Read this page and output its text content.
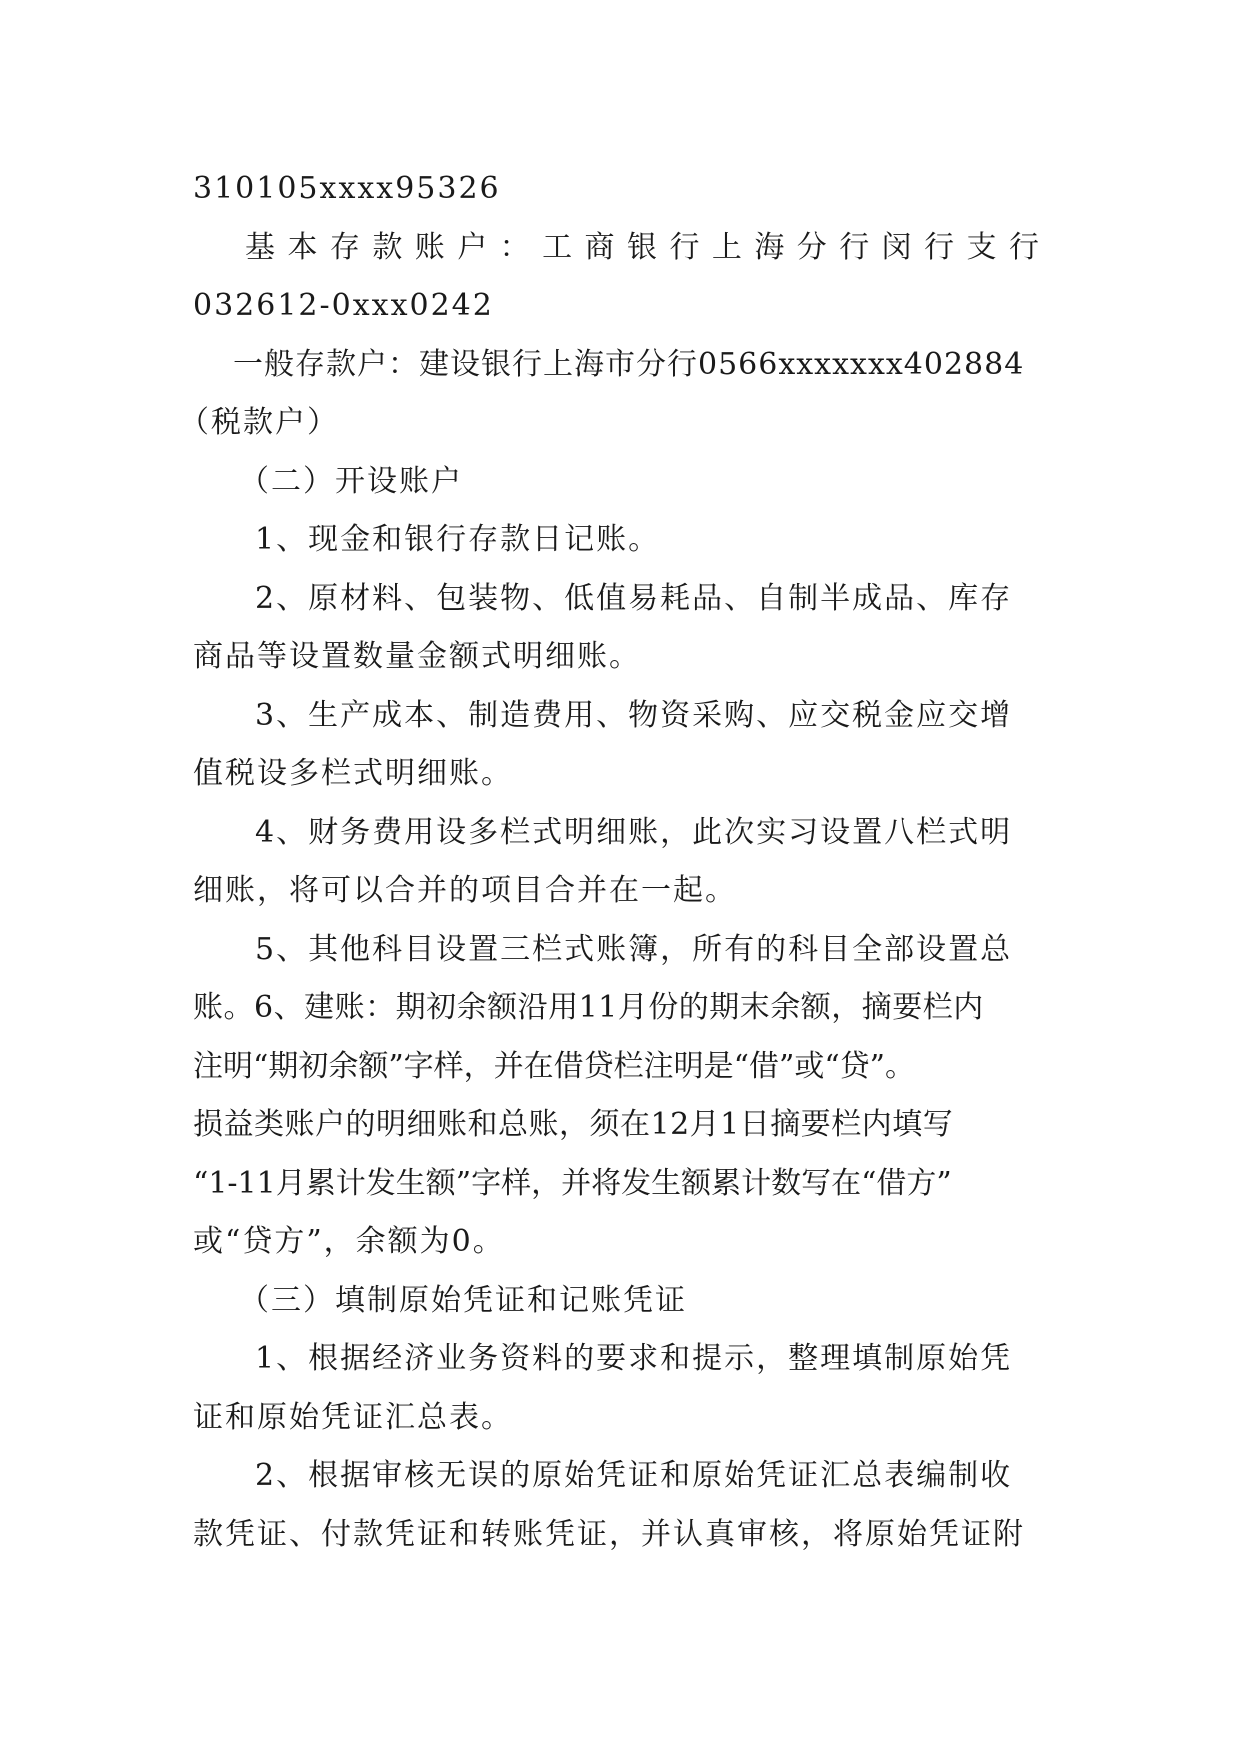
310105xxxx95326
基本存款账户：工商银行上海分行闵行支行
032612-0xxx0242
一般存款户：建设银行上海市分行0566xxxxxxx402884
（税款户）
（二）开设账户
1、现金和银行存款日记账。
2、原材料、包装物、低值易耗品、自制半成品、库存
商品等设置数量金额式明细账。
3、生产成本、制造费用、物资采购、应交税金应交增
值税设多栏式明细账。
4、财务费用设多栏式明细账，此次实习设置八栏式明
细账，将可以合并的项目合并在一起。
5、其他科目设置三栏式账簿，所有的科目全部设置总
账。6、建账：期初余额沿用11月份的期末余额，摘要栏内
注明“期初余额”字样，并在借贷栏注明是“借”或“贷”。
损益类账户的明细账和总账，须在12月1日摘要栏内填写
“1-11月累计发生额”字样，并将发生额累计数写在“借方”
或“贷方”，余额为0。
（三）填制原始凭证和记账凭证
1、根据经济业务资料的要求和提示，整理填制原始凭
证和原始凭证汇总表。
2、根据审核无误的原始凭证和原始凭证汇总表编制收
款凭证、付款凭证和转账凭证，并认真审核，将原始凭证附
